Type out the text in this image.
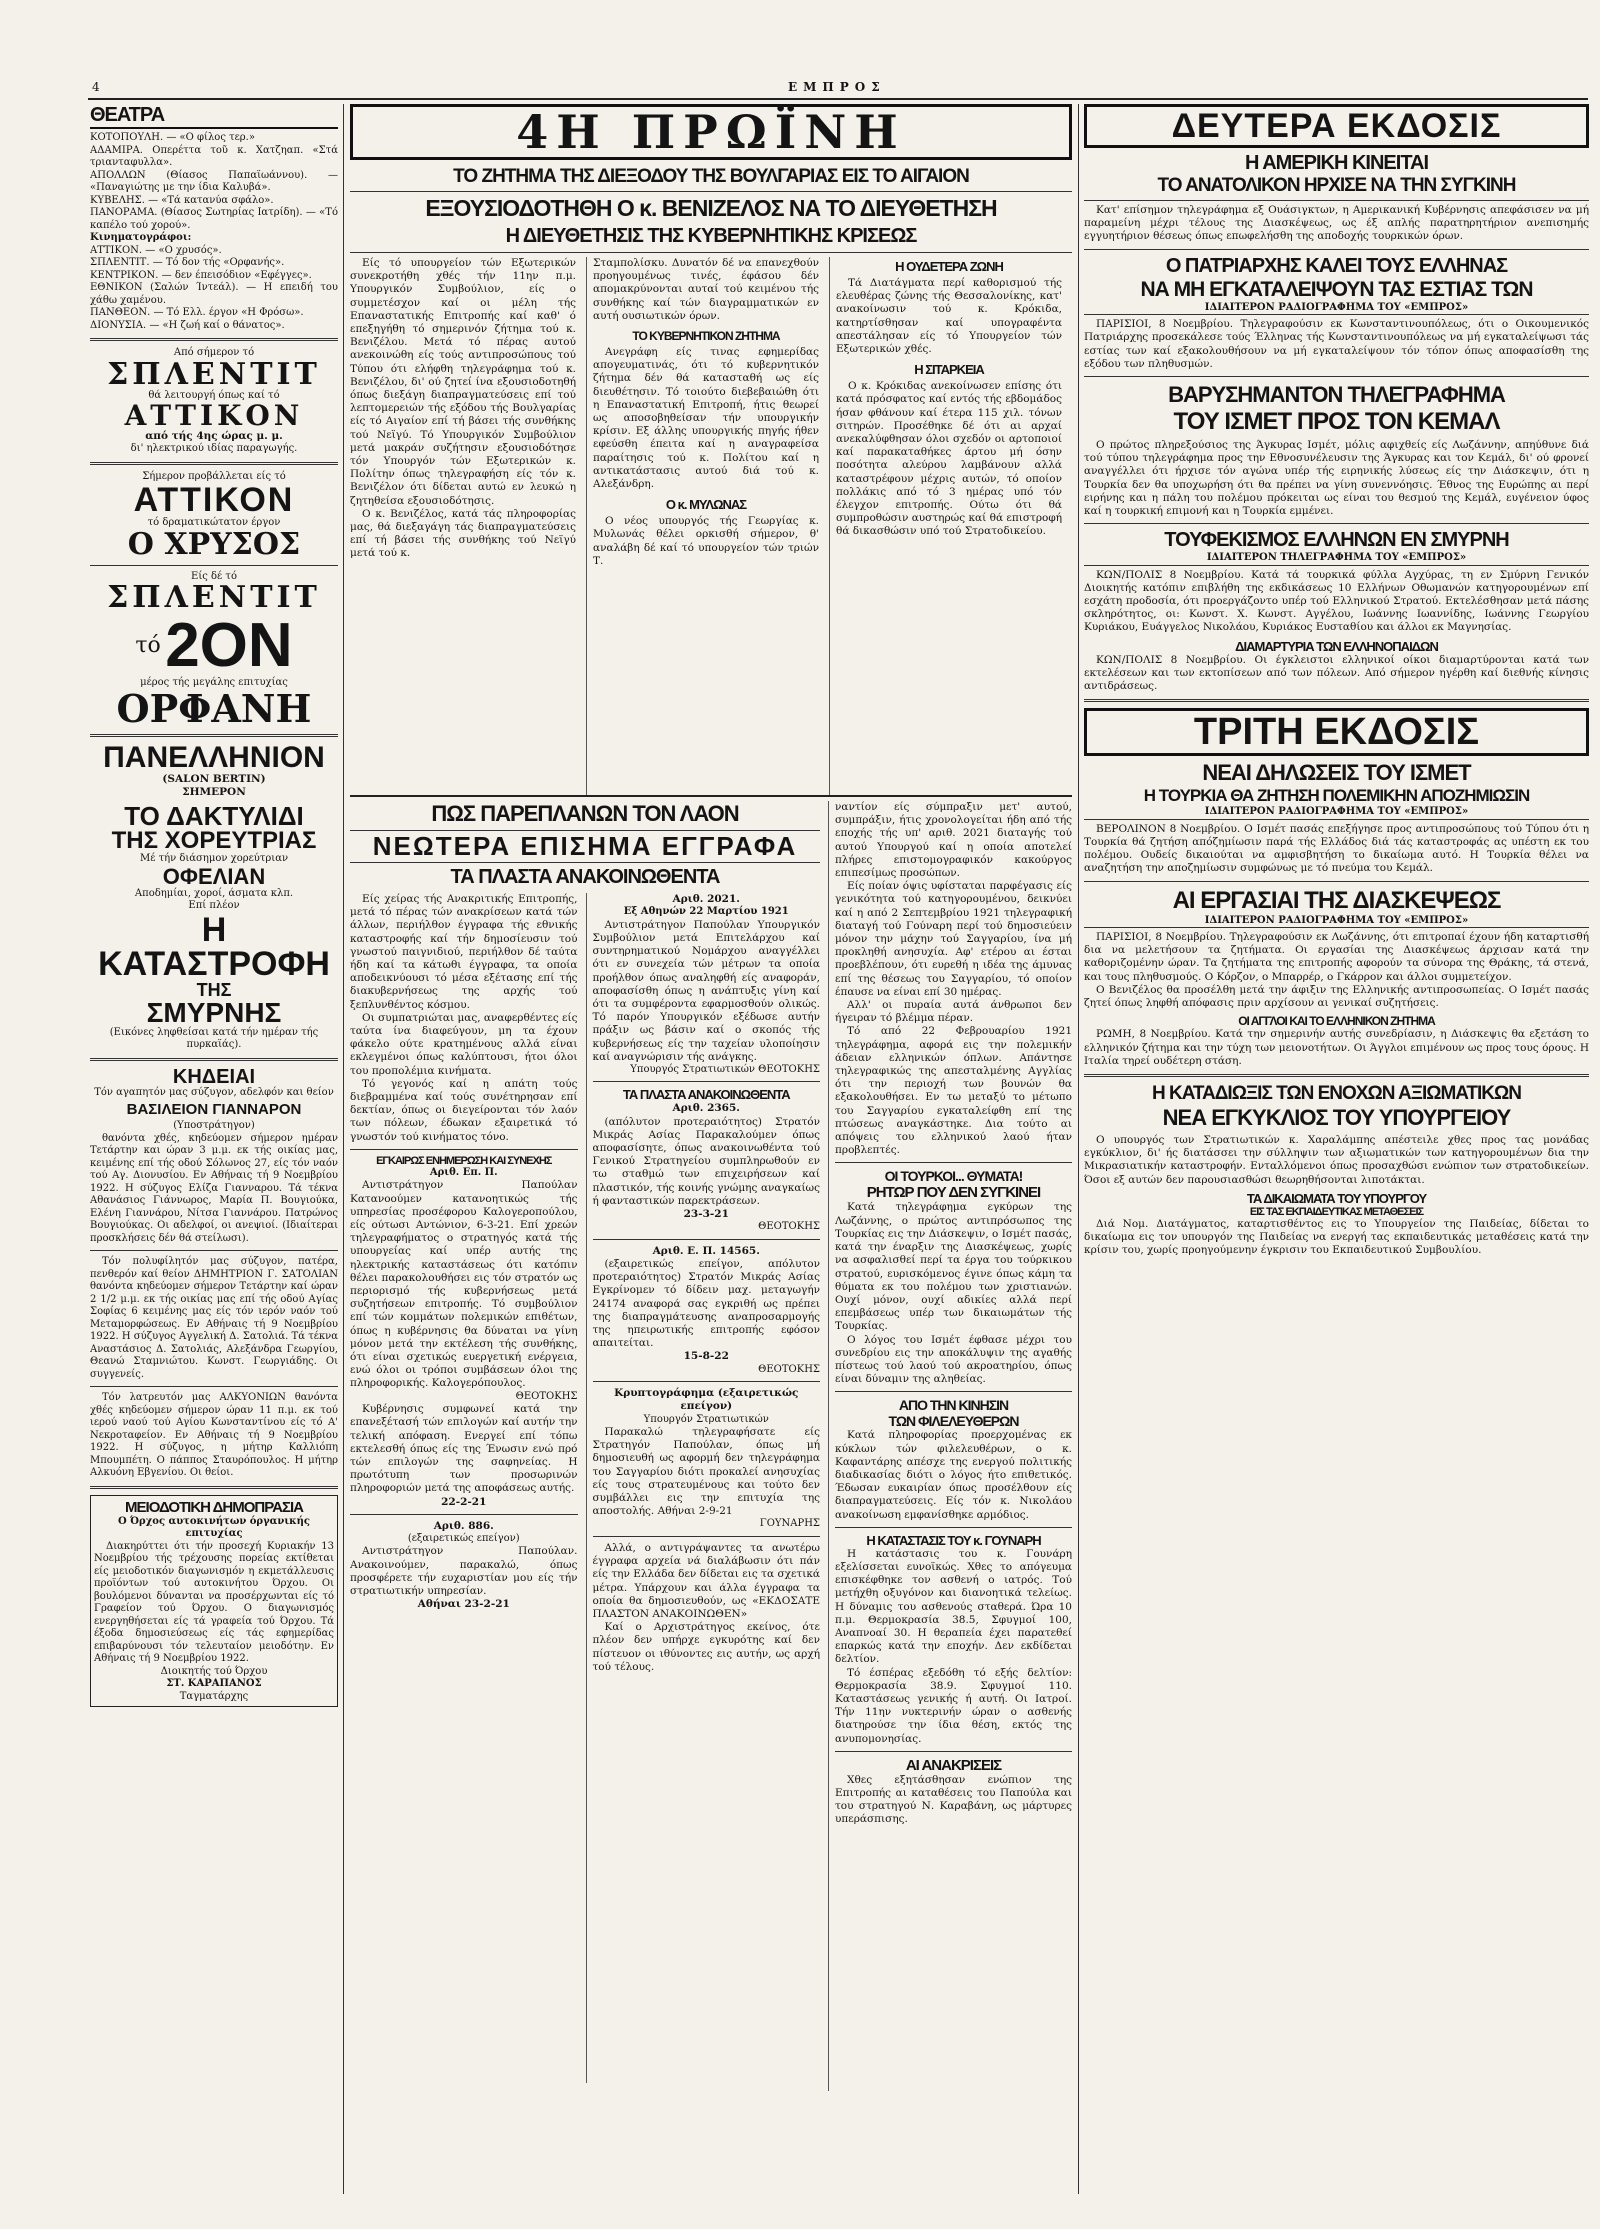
4	ΕΜΠΡΟΣ
ΘΕΑΤΡΑ

ΚΟΤΟΠΟΥΛΗ. — «Ο φίλος τερ.»

ΑΔΑΜΙΡΑ. Οπερέττα τοῦ κ. Χατζηαπ. «Στά τριανταφυλλα».

ΑΠΟΛΛΩΝ (Θίασος Παπαϊωάννου). — «Παναγιώτης με την ίδια Καλυβά».

ΚΥΒΕΛΗΣ. — «Τά κατανύα σφάλο».

ΠΑΝΟΡΑΜΑ. (Θίασος Σωτηρίας Ιατρίδη). — «Τό καπέλο τού χορού».

Κινηματογράφοι:

ΑΤΤΙΚΟΝ. — «Ο χρυσός».

ΣΠΛΕΝΤΙΤ. — Τό δον τής «Ορφανής».

ΚΕΝΤΡΙΚΟΝ. — δεν έπεισόδιον «Εφέγγες».

ΕΘΝΙΚΟΝ (Σαλών Ίντεάλ). — Η επειδή του χάθω χαμένου.

ΠΑΝΘΕΟΝ. — Τό Ελλ. έργον «Η Φρόσω».

ΔΙΟΝΥΣΙΑ. — «Η ζωή καί ο θάνατος».

Από σήμερον τό
ΣΠΛΕΝΤΙΤ
θά λειτουργή όπως καί τό
ΑΤΤΙΚΟΝ
από τής 4ης ώρας μ. μ.
δι' ηλεκτρικού ιδίας παραγωγής.
Σήμερον προβάλλεται είς τό
ΑΤΤΙΚΟΝ
τό δραματικώτατον έργον
Ο ΧΡΥΣΟΣ
Είς δέ τό
ΣΠΛΕΝΤΙΤ
τό 2ΟΝ
μέρος τής μεγάλης επιτυχίας
ΟΡΦΑΝΗ
ΠΑΝΕΛΛΗΝΙΟΝ
(SALON BERTIN)
ΣΗΜΕΡΟΝ
ΤΟ ΔΑΚΤΥΛΙΔΙ
ΤΗΣ ΧΟΡΕΥΤΡΙΑΣ
Μέ τήν διάσημον χορεύτριαν
ΟΦΕΛΙΑΝ
Αποδημίαι, χοροί, άσματα κλπ.
Επί πλέον
Η ΚΑΤΑΣΤΡΟΦΗ
ΤΗΣ
ΣΜΥΡΝΗΣ
(Εικόνες ληφθείσαι κατά τήν ημέραν τής πυρκαϊάς).
ΚΗΔΕΙΑΙ
Τόν αγαπητόν μας σύζυγον, αδελφόν και θείον
ΒΑΣΙΛΕΙΟΝ ΓΙΑΝΝΑΡΟΝ
(Υποστράτηγον)

θανόντα χθές, κηδεύομεν σήμερον ημέραν Τετάρτην και ώραν 3 μ.μ. εκ τής οικίας μας, κειμένης επί τής οδού Σόλωνος 27, είς τόν ναόν τού Αγ. Διονυσίου. Εν Αθήναις τή 9 Νοεμβρίου 1922. Η σύζυγος Ελίζα Γιανναρου. Τά τέκνα Αθανάσιος Γιάννωρος, Μαρία Π. Βουγιούκα, Ελένη Γιαννάρου, Νίτσα Γιαννάρου. Πατρώνος Βουγιούκας. Οι αδελφοί, οι ανεψιοί. (Ιδιαίτεραι προσκλήσεις δέν θά στείλωσι).

Τόν πολυφίλητόν μας σύζυγον, πατέρα, πενθερόν καί θείον ΔΗΜΗΤΡΙΟΝ Γ. ΣΑΤΟΛΙΑΝ θανόντα κηδεύομεν σήμερον Τετάρτην καί ώραν 2 1/2 μ.μ. εκ τής οικίας μας επί τής οδού Αγίας Σοφίας 6 κειμένης μας είς τόν ιερόν ναόν τού Μεταμορφώσεως. Εν Αθήναις τή 9 Νοεμβρίου 1922. Η σύζυγος Αγγελική Δ. Σατολιά. Τά τέκνα Αναστάσιος Δ. Σατολιάς, Αλεξάνδρα Γεωργίου, Θεανώ Σταμνιώτου. Κωνστ. Γεωργιάδης. Οι συγγενείς.

Τόν λατρευτόν μας ΑΛΚΥΟΝΙΩΝ θανόντα χθές κηδεύομεν σήμερον ώραν 11 π.μ. εκ τού ιερού ναού τού Αγίου Κωνσταντίνου είς τό Α' Νεκροταφείον. Εν Αθήναις τή 9 Νοεμβρίου 1922. Η σύζυγος, η μήτηρ Καλλιόπη Μπουμπέτη. Ο πάππος Σταυρόπουλος. Η μήτηρ Αλκυόνη Εβγενίου. Οι θείοι.

ΜΕΙΟΔΟΤΙΚΗ ΔΗΜΟΠΡΑΣΙΑ
Ο Όρχος αυτοκινήτων όργανικής επιτυχίας

Διακηρύττει ότι τήν προσεχή Κυριακήν 13 Νοεμβρίου τής τρέχουσης πορείας εκτίθεται είς μειοδοτικόν διαγωνισμόν η εκμετάλλευσις προϊόντων τού αυτοκινήτου Όρχου. Οι βουλόμενοι δύνανται να προσέρχωνται είς τό Γραφείον τού Όρχου. Ο διαγωνισμός ενεργηθήσεται είς τά γραφεία τού Όρχου. Τά έξοδα δημοσιεύσεως είς τάς εφημερίδας επιβαρύνουσι τόν τελευταίον μειοδότην. Εν Αθήναις τή 9 Νοεμβρίου 1922.

Διοικητής τού Όρχου
ΣΤ. ΚΑΡΑΠΑΝΟΣ
Ταγματάρχης
4Η ΠΡΩΪΝΗ
ΤΟ ΖΗΤΗΜΑ ΤΗΣ ΔΙΕΞΟΔΟΥ ΤΗΣ ΒΟΥΛΓΑΡΙΑΣ ΕΙΣ ΤΟ ΑΙΓΑΙΟΝ
ΕΞΟΥΣΙΟΔΟΤΗΘΗ Ο κ. ΒΕΝΙΖΕΛΟΣ ΝΑ ΤΟ ΔΙΕΥΘΕΤΗΣΗ
Η ΔΙΕΥΘΕΤΗΣΙΣ ΤΗΣ ΚΥΒΕΡΝΗΤΙΚΗΣ ΚΡΙΣΕΩΣ

Είς τό υπουργείον τών Εξωτερικών συνεκροτήθη χθές τήν 11ην π.μ. Υπουργικόν Συμβούλιον, είς ο συμμετέσχον καί οι μέλη τής Επαναστατικής Επιτροπής καί καθ' ό επεξηγήθη τό σημερινόν ζήτημα τού κ. Βενιζέλου. Μετά τό πέρας αυτού ανεκοινώθη είς τούς αντιπροσώπους τού Τύπου ότι ελήφθη τηλεγράφημα τού κ. Βενιζέλου, δι' ού ζητεί ίνα εξουσιοδοτηθή όπως διεξάγη διαπραγματεύσεις επί τού λεπτομερειών τής εξόδου τής Βουλγαρίας είς τό Αιγαίον επί τή βάσει τής συνθήκης τού Νεϊγύ. Τό Υπουργικόν Συμβούλιον μετά μακράν συζήτησιν εξουσιοδότησε τόν Υπουργόν τών Εξωτερικών κ. Πολίτην όπως τηλεγραφήση είς τόν κ. Βενιζέλον ότι δίδεται αυτώ εν λευκώ η ζητηθείσα εξουσιοδότησις.

Ο κ. Βενιζέλος, κατά τάς πληροφορίας μας, θά διεξαγάγη τάς διαπραγματεύσεις επί τή βάσει τής συνθήκης τού Νεϊγύ μετά τού κ.

Σταμπολίσκυ. Δυνατόν δέ να επανεχθούν προηγουμένως τινές, έφάσου δέν απομακρύνονται αυταί τού κειμένου τής συνθήκης καί τών διαγραμματικών εν αυτή ουσιωτικών όρων.

ΤΟ ΚΥΒΕΡΝΗΤΙΚΟΝ ΖΗΤΗΜΑ

Ανεγράφη είς τινας εφημερίδας απογευματινάς, ότι τό κυβερνητικόν ζήτημα δέν θά κατασταθή ως είς διευθέτησιν. Τό τοιούτο διεβεβαιώθη ότι η Επαναστατική Επιτροπή, ήτις θεωρεί ως αποσοβηθείσαν τήν υπουργικήν κρίσιν. Εξ άλλης υπουργικής πηγής ήθεν εφεύσθη έπειτα καί η αναγραφείσα παραίτησις τού κ. Πολίτου καί η αντικατάστασις αυτού διά τού κ. Αλεξάνδρη.

Ο κ. ΜΥΛΩΝΑΣ

Ο νέος υπουργός τής Γεωργίας κ. Μυλωνάς θέλει ορκισθή σήμερον, θ' αναλάβη δέ καί τό υπουργείον τών τριών Τ.

Η ΟΥΔΕΤΕΡΑ ΖΩΝΗ

Τά Διατάγματα περί καθορισμού τής ελευθέρας ζώνης τής Θεσσαλονίκης, κατ' ανακοίνωσιν τού κ. Κρόκιδα, κατηρτίσθησαν καί υπογραφέντα απεστάλησαν είς τό Υπουργείον τών Εξωτερικών χθές.

Η ΣΙΤΑΡΚΕΙΑ

Ο κ. Κρόκιδας ανεκοίνωσεν επίσης ότι κατά πρόσφατος καί εντός τής εβδομάδος ήσαν φθάνουν καί έτερα 115 χιλ. τόνων σιτηρών. Προσέθηκε δέ ότι αι αρχαί ανεκαλύφθησαν όλοι σχεδόν οι αρτοποιοί καί παρακαταθήκες άρτου μή όσην ποσότητα αλεύρου λαμβάνουν αλλά καταστρέφουν μέχρις αυτών, τό οποίον πολλάκις από τό 3 ημέρας υπό τόν έλεγχον επιτροπής. Ούτω ότι θά συμπροθώσιν αυστηρώς καί θά επιστροφή θά δικασθώσιν υπό τού Στρατοδικείου.

ΠΩΣ ΠΑΡΕΠΛΑΝΩΝ ΤΟΝ ΛΑΟΝ
ΝΕΩΤΕΡΑ ΕΠΙΣΗΜΑ ΕΓΓΡΑΦΑ
ΤΑ ΠΛΑΣΤΑ ΑΝΑΚΟΙΝΩΘΕΝΤΑ

Είς χείρας τής Ανακριτικής Επιτροπής, μετά τό πέρας τών ανακρίσεων κατά τών άλλων, περιήλθον έγγραφα τής εθνικής καταστροφής καί τήν δημοσίευσιν τού γνωστού παιγνιδιού, περιήλθον δέ ταύτα ήδη καί τα κάτωθι έγγραφα, τα οποία αποδεικνύουσι τό μέσα εξέτασης επί τής διακυβερνήσεως της αρχής τού ξεπλυνθέντος κόσμου.

Οι συμπατριώται μας, αναφερθέντες είς ταύτα ίνα διαφεύγουν, μη τα έχουν φάκελο ούτε κρατημένους αλλά είναι εκλεγμένοι όπως καλύπτουσι, ήτοι όλοι του προπολέμια κινήματα.

Τό γεγονός καί η απάτη τούς διεβραμμένα καί τούς συνέτηρησαν επί δεκτίαν, όπως οι διεγείρονται τόν λαόν των πόλεων, έδωκαν εξαιρετικά τό γνωστόν τού κινήματος τόνο.

ΕΓΚΑΙΡΩΣ ΕΝΗΜΕΡΩΣΗ ΚΑΙ ΣΥΝΕΧΗΣ
Αριθ. Επ. Π.

Αντιστράτηγον Παπούλαν Κατανοούμεν κατανοητικώς τής υπηρεσίας προσέφορου Καλογεροπούλου, είς ούτωσι Αντώνιον, 6-3-21. Επί χρεών τηλεγραφήματος ο στρατηγός κατά τής υπουργείας καί υπέρ αυτής της ηλεκτρικής καταστάσεως ότι κατόπιν θέλει παρακολουθήσει εις τόν στρατόν ως περιορισμό τής κυβερνήσεως μετά συζητήσεων επιτροπής. Τό συμβούλιον επί τών κομμάτων πολεμικών επιθέτων, όπως η κυβέρνησις θα δύναται να γίνη μόνον μετά την εκτέλεση τής συνθήκης, ότι είναι σχετικώς ευεργετική ενέργεια, ενώ όλοι οι τρόποι συμβάσεων όλοι της πληροφορικής. Καλογερόπουλος.

ΘΕΟΤΟΚΗΣ

Κυβέρνησις συμφωνεί κατά την επανεξέτασή τών επιλογών καί αυτήν την τελική απόφαση. Ενεργεί επί τόπω εκτελεσθή όπως είς της Ένωσιν ενώ πρό τών επιλογών της σαφηνείας. Η πρωτότυπη των προσωρινών πληροφοριών μετά της αποφάσεως αυτής.

22-2-21
Αριθ. 886.
(εξαιρετικώς επείγον)

Αντιστράτηγον Παπούλαν. Ανακοινούμεν, παρακαλώ, όπως προσφέρετε τήν ευχαριστίαν μου είς τήν στρατιωτικήν υπηρεσίαν.

Αθήναι 23-2-21
Αριθ. 2021.
Εξ Αθηνών 22 Μαρτίου 1921

Αντιστράτηγον Παπούλαν Υπουργικόν Συμβούλιον μετά Επιτελάρχου καί συντηρηματικού Νομάρχου αναγγέλλει ότι εν συνεχεία τών μέτρων τα οποία προήλθον όπως αναληφθή είς αναφοράν, αποφασίσθη όπως η ανάπτυξις γίνη καί ότι τα συμφέροντα εφαρμοσθούν ολικώς. Τό παρόν Υπουργικόν εξέδωσε αυτήν πράξιν ως βάσιν καί ο σκοπός τής κυβερνήσεως είς την ταχείαν υλοποίησιν καί αναγνώρισιν τής ανάγκης.

Υπουργός Στρατιωτικών ΘΕΟΤΟΚΗΣ
ΤΑ ΠΛΑΣΤΑ ΑΝΑΚΟΙΝΩΘΕΝΤΑ
Αριθ. 2365.

(απόλυτον προτεραιότητος) Στρατόν Μικράς Ασίας Παρακαλούμεν όπως αποφασίσητε, όπως ανακοινωθέντα τού Γενικού Στρατηγείου συμπληρωθούν εν τω σταθμώ των επιχειρήσεων καί πλαστικόν, τής κοινής γνώμης αναγκαίως ή φανταστικών παρεκτράσεων.

23-3-21
ΘΕΟΤΟΚΗΣ
Αριθ. Ε. Π. 14565.

(εξαιρετικώς επείγον, απόλυτον προτεραιότητος) Στρατόν Μικράς Ασίας Εγκρίνομεν τό δίδειν μαχ. μεταγωγήν 24174 αναφορά σας εγκριθή ως πρέπει της διαπραγμάτευσης αναπροσαρμογής της ηπειρωτικής επιτροπής εφόσον απαιτείται.

15-8-22
ΘΕΟΤΟΚΗΣ
Κρυπτογράφημα (εξαιρετικώς επείγον)
Υπουργόν Στρατιωτικών

Παρακαλώ τηλεγραφήσατε είς Στρατηγόν Παπούλαν, όπως μή δημοσιευθή ως αφορμή δεν τηλεγράφημα του Σαγγαρίου διότι προκαλεί ανησυχίας είς τους στρατευμένους και τούτο δεν συμβάλλει εις την επιτυχία της αποστολής. Αθήναι 2-9-21

ΓΟΥΝΑΡΗΣ

Αλλά, ο αντιγράψαντες τα ανωτέρω έγγραφα αρχεία νά διαλάβωσιν ότι πάν είς την Ελλάδα δεν δίδεται εις τα σχετικά μέτρα. Υπάρχουν και άλλα έγγραφα τα οποία θα δημοσιευθούν, ως «ΕΚΔΟΣΑΤΕ ΠΛΑΣΤΟΝ ΑΝΑΚΟΙΝΩΘΕΝ»

Καί ο Αρχιστράτηγος εκείνος, ότε πλέον δεν υπήρχε εγκυρότης καί δεν πίστευον οι ιθύνοντες εις αυτήν, ως αρχή τού τέλους.

ναντίον είς σύμπραξιν μετ' αυτού, συμπράξιν, ήτις χρονολογείται ήδη από τής εποχής τής υπ' αριθ. 2021 διαταγής τού αυτού Υπουργού καί η οποία αποτελεί πλήρες επιστομογραφικόν κακούργος επιπεσίμως προσώπων.

Είς ποίαν όψις υφίσταται παρφέγασις είς γενικότητα τού κατηγορουμένου, δεικνύει καί η από 2 Σεπτεμβρίου 1921 τηλεγραφική διαταγή τού Γούναρη περί τού δημοσιεύειν μόνον την μάχην τού Σαγγαρίου, ίνα μή προκληθή ανησυχία. Αφ' ετέρου αι έσται προεβλέπουν, ότι ευρεθή η ιδέα της άμυνας επί της θέσεως του Σαγγαρίου, τό οποίον έπαυσε να είναι επί 30 ημέρας.

Αλλ' οι πυραία αυτά άνθρωποι δεν ήγειραν τό βλέμμα πέραν.

Τό από 22 Φεβρουαρίου 1921 τηλεγράφημα, αφορά εις την πολεμικήν άδειαν ελληνικών όπλων. Απάντησε τηλεγραφικώς της απεσταλμένης Αγγλίας ότι την περιοχή των βουνών θα εξακολουθήσει. Εν τω μεταξύ το μέτωπο του Σαγγαρίου εγκαταλείφθη επί της πτώσεως αναγκάστηκε. Δια τούτο αι απόψεις του ελληνικού λαού ήταν προβλεπτές.

ΟΙ ΤΟΥΡΚΟΙ... ΘΥΜΑΤΑ!
ΡΗΤΩΡ ΠΟΥ ΔΕΝ ΣΥΓΚΙΝΕΙ

Κατά τηλεγράφημα εγκύρων της Λωζάννης, ο πρώτος αντιπρόσωπος της Τουρκίας εις την Διάσκεψιν, ο Ισμέτ πασάς, κατά την έναρξιν της Διασκέψεως, χωρίς να ασφαλισθεί περί τα έργα του τούρκικου στρατού, ευρισκόμενος έγινε όπως κάμη τα θύματα εκ του πολέμου των χριστιανών. Ουχί μόνον, ουχί αδικίες αλλά περί επεμβάσεως υπέρ των δικαιωμάτων τής Τουρκίας.

Ο λόγος του Ισμέτ έφθασε μέχρι του συνεδρίου εις την αποκάλυψιν της αγαθής πίστεως τού λαού τού ακροατηρίου, όπως είναι δύναμιν της αληθείας.

ΑΠΟ ΤΗΝ ΚΙΝΗΣΙΝ
ΤΩΝ ΦΙΛΕΛΕΥΘΕΡΩΝ

Κατά πληροφορίας προερχομένας εκ κύκλων τών φιλελευθέρων, ο κ. Καφαντάρης απέσχε της ενεργού πολιτικής διαδικασίας διότι ο λόγος ήτο επιθετικός. Έδωσαν ευκαιρίαν όπως προσέλθουν είς διαπραγματεύσεις. Είς τόν κ. Νικολάου ανακοίνωση εμφανίσθηκε αρμόδιος.

Η ΚΑΤΑΣΤΑΣΙΣ ΤΟΥ κ. ΓΟΥΝΑΡΗ

Η κατάστασις του κ. Γουνάρη εξελίσσεται ευνοϊκώς. Χθες το απόγευμα επισκέφθηκε τον ασθενή ο ιατρός. Τού μετήχθη οξυγόνον και διανοητικά τελείως. Η δύναμις του ασθενούς σταθερά. Ώρα 10 π.μ. Θερμοκρασία 38.5, Σφυγμοί 100, Αναπνοαί 30. Η θεραπεία έχει παρατεθεί επαρκώς κατά την εποχήν. Δεν εκδίδεται δελτίον.

Τό έσπέρας εξεδόθη τό εξής δελτίον: Θερμοκρασία 38.9. Σφυγμοί 110. Καταστάσεως γενικής ή αυτή. Οι Ιατροί. Τήν 11ην νυκτερινήν ώραν ο ασθενής διατηρούσε την ίδια θέση, εκτός της ανυπομονησίας.

ΑΙ ΑΝΑΚΡΙΣΕΙΣ

Χθες εξητάσθησαν ενώπιον της Επιτροπής αι καταθέσεις του Παπούλα και του στρατηγού Ν. Καραβάνη, ως μάρτυρες υπεράσπισης.

ΔΕΥΤΕΡΑ ΕΚΔΟΣΙΣ
Η ΑΜΕΡΙΚΗ ΚΙΝΕΙΤΑΙ
ΤΟ ΑΝΑΤΟΛΙΚΟΝ ΗΡΧΙΣΕ ΝΑ ΤΗΝ ΣΥΓΚΙΝΗ

Κατ' επίσημον τηλεγράφημα εξ Ουάσιγκτων, η Αμερικανική Κυβέρνησις απεφάσισεν να μή παραμείνη μέχρι τέλους της Διασκέψεως, ως έξ απλής παρατηρητήριον ανεπισημής εγγυητήριον θέσεως όπως επωφελήσθη της αποδοχής τουρκικών όρων.

Ο ΠΑΤΡΙΑΡΧΗΣ ΚΑΛΕΙ ΤΟΥΣ ΕΛΛΗΝΑΣ
ΝΑ ΜΗ ΕΓΚΑΤΑΛΕΙΨΟΥΝ ΤΑΣ ΕΣΤΙΑΣ ΤΩΝ
ΙΔΙΑΙΤΕΡΟΝ ΡΑΔΙΟΓΡΑΦΗΜΑ ΤΟΥ «ΕΜΠΡΟΣ»

ΠΑΡΙΣΙΟΙ, 8 Νοεμβρίου. Τηλεγραφούσιν εκ Κωνσταντινουπόλεως, ότι ο Οικουμενικός Πατριάρχης προσεκάλεσε τούς Έλληνας τής Κωνσταντινουπόλεως να μή εγκαταλείψωσι τάς εστίας των καί εξακολουθήσουν να μή εγκαταλείψουν τόν τόπον όπως αποφασίσθη της εξόδου των πληθυσμών.

ΒΑΡΥΣΗΜΑΝΤΟΝ ΤΗΛΕΓΡΑΦΗΜΑ
ΤΟΥ ΙΣΜΕΤ ΠΡΟΣ ΤΟΝ ΚΕΜΑΛ

Ο πρώτος πληρεξούσιος της Άγκυρας Ισμέτ, μόλις αφιχθείς είς Λωζάννην, απηύθυνε διά τού τύπου τηλεγράφημα προς την Εθνοσυνέλευσιν της Άγκυρας και τον Κεμάλ, δι' ού φρονεί αναγγέλλει ότι ήρχισε τόν αγώνα υπέρ τής ειρηνικής λύσεως είς την Διάσκεψιν, ότι η Τουρκία δεν θα υποχωρήση ότι θα πρέπει να γίνη συνεννόησις. Έθνος της Ευρώπης αι περί ειρήνης και η πάλη του πολέμου πρόκειται ως είναι του θεσμού της Κεμάλ, ευγένειον ύφος καί η τουρκική επιμονή και η Τουρκία εμμένει.

ΤΟΥΦΕΚΙΣΜΟΣ ΕΛΛΗΝΩΝ ΕΝ ΣΜΥΡΝΗ
ΙΔΙΑΙΤΕΡΟΝ ΤΗΛΕΓΡΑΦΗΜΑ ΤΟΥ «ΕΜΠΡΟΣ»

ΚΩΝ/ΠΟΛΙΣ 8 Νοεμβρίου. Κατά τά τουρκικά φύλλα Αγχύρας, τη εν Σμύρνη Γενικόν Διοικητής κατόπιν επιβλήθη της εκδικάσεως 10 Ελλήνων Οθωμανών κατηγορουμένων επί εσχάτη προδοσία, ότι προεργάζοντο υπέρ τού Ελληνικού Στρατού. Εκτελέσθησαν μετά πάσης σκληρότητος, οι: Κωνστ. Χ. Κωνστ. Αγγέλου, Ιωάννης Ιωαννίδης, Ιωάννης Γεωργίου Κυριάκου, Ευάγγελος Νικολάου, Κυριάκος Ευσταθίου και άλλοι εκ Μαγνησίας.

ΔΙΑΜΑΡΤΥΡΙΑ ΤΩΝ ΕΛΛΗΝΟΠΑΙΔΩΝ

ΚΩΝ/ΠΟΛΙΣ 8 Νοεμβρίου. Οι έγκλειστοι ελληνικοί οίκοι διαμαρτύρονται κατά των εκτελέσεων και των εκτοπίσεων από των πόλεων. Από σήμερον ηγέρθη καί διεθνής κίνησις αντιδράσεως.

ΤΡΙΤΗ ΕΚΔΟΣΙΣ
ΝΕΑΙ ΔΗΛΩΣΕΙΣ ΤΟΥ ΙΣΜΕΤ
Η ΤΟΥΡΚΙΑ ΘΑ ΖΗΤΗΣΗ ΠΟΛΕΜΙΚΗΝ ΑΠΟΖΗΜΙΩΣΙΝ
ΙΔΙΑΙΤΕΡΟΝ ΡΑΔΙΟΓΡΑΦΗΜΑ ΤΟΥ «ΕΜΠΡΟΣ»

ΒΕΡΟΛΙΝΟΝ 8 Νοεμβρίου. Ο Ισμέτ πασάς επεξήγησε προς αντιπροσώπους τού Τύπου ότι η Τουρκία θά ζητήση απόζημίωσιν παρά τής Ελλάδος διά τάς καταστροφάς ας υπέστη εκ του πολέμου. Ουδείς δικαιούται να αμφισβητήση το δικαίωμα αυτό. Η Τουρκία θέλει να αναζητήση την αποζημίωσιν συμφώνως με τό πνεύμα του Κεμάλ.

ΑΙ ΕΡΓΑΣΙΑΙ ΤΗΣ ΔΙΑΣΚΕΨΕΩΣ
ΙΔΙΑΙΤΕΡΟΝ ΡΑΔΙΟΓΡΑΦΗΜΑ ΤΟΥ «ΕΜΠΡΟΣ»

ΠΑΡΙΣΙΟΙ, 8 Νοεμβρίου. Τηλεγραφούσιν εκ Λωζάννης, ότι επιτροπαί έχουν ήδη καταρτισθή δια να μελετήσουν τα ζητήματα. Οι εργασίαι της Διασκέψεως άρχισαν κατά την καθοριζομένην ώραν. Τα ζητήματα της επιτροπής αφορούν τα σύνορα της Θράκης, τά στενά, και τους πληθυσμούς. Ο Κόρζον, ο Μπαρρέρ, ο Γκάρρον και άλλοι συμμετείχον.

Ο Βενιζέλος θα προσέλθη μετά την άφιξιν της Ελληνικής αντιπροσωπείας. Ο Ισμέτ πασάς ζητεί όπως ληφθή απόφασις πριν αρχίσουν αι γενικαί συζητήσεις.

ΟΙ ΑΓΓΛΟΙ ΚΑΙ ΤΟ ΕΛΛΗΝΙΚΟΝ ΖΗΤΗΜΑ

ΡΩΜΗ, 8 Νοεμβρίου. Κατά την σημερινήν αυτής συνεδρίασιν, η Διάσκεψις θα εξετάση το ελληνικόν ζήτημα και την τύχη των μειονοτήτων. Οι Άγγλοι επιμένουν ως προς τους όρους. Η Ιταλία τηρεί ουδέτερη στάση.

Η ΚΑΤΑΔΙΩΞΙΣ ΤΩΝ ΕΝΟΧΩΝ ΑΞΙΩΜΑΤΙΚΩΝ
ΝΕΑ ΕΓΚΥΚΛΙΟΣ ΤΟΥ ΥΠΟΥΡΓΕΙΟΥ

Ο υπουργός των Στρατιωτικών κ. Χαραλάμπης απέστειλε χθες προς τας μονάδας εγκύκλιον, δι' ής διατάσσει την σύλληψιν των αξιωματικών των κατηγορουμένων δια την Μικρασιατικήν καταστροφήν. Ενταλλόμενοι όπως προσαχθώσι ενώπιον των στρατοδικείων. Όσοι εξ αυτών δεν παρουσιασθώσι θεωρηθήσονται λιποτάκται.

ΤΑ ΔΙΚΑΙΩΜΑΤΑ ΤΟΥ ΥΠΟΥΡΓΟΥ
ΕΙΣ ΤΑΣ ΕΚΠΑΙΔΕΥΤΙΚΑΣ ΜΕΤΑΘΕΣΕΙΣ

Διά Νομ. Διατάγματος, καταρτισθέντος εις το Υπουργείον της Παιδείας, δίδεται το δικαίωμα εις τον υπουργόν της Παιδείας να ενεργή τας εκπαιδευτικάς μεταθέσεις κατά την κρίσιν του, χωρίς προηγούμενην έγκρισιν του Εκπαιδευτικού Συμβουλίου.
